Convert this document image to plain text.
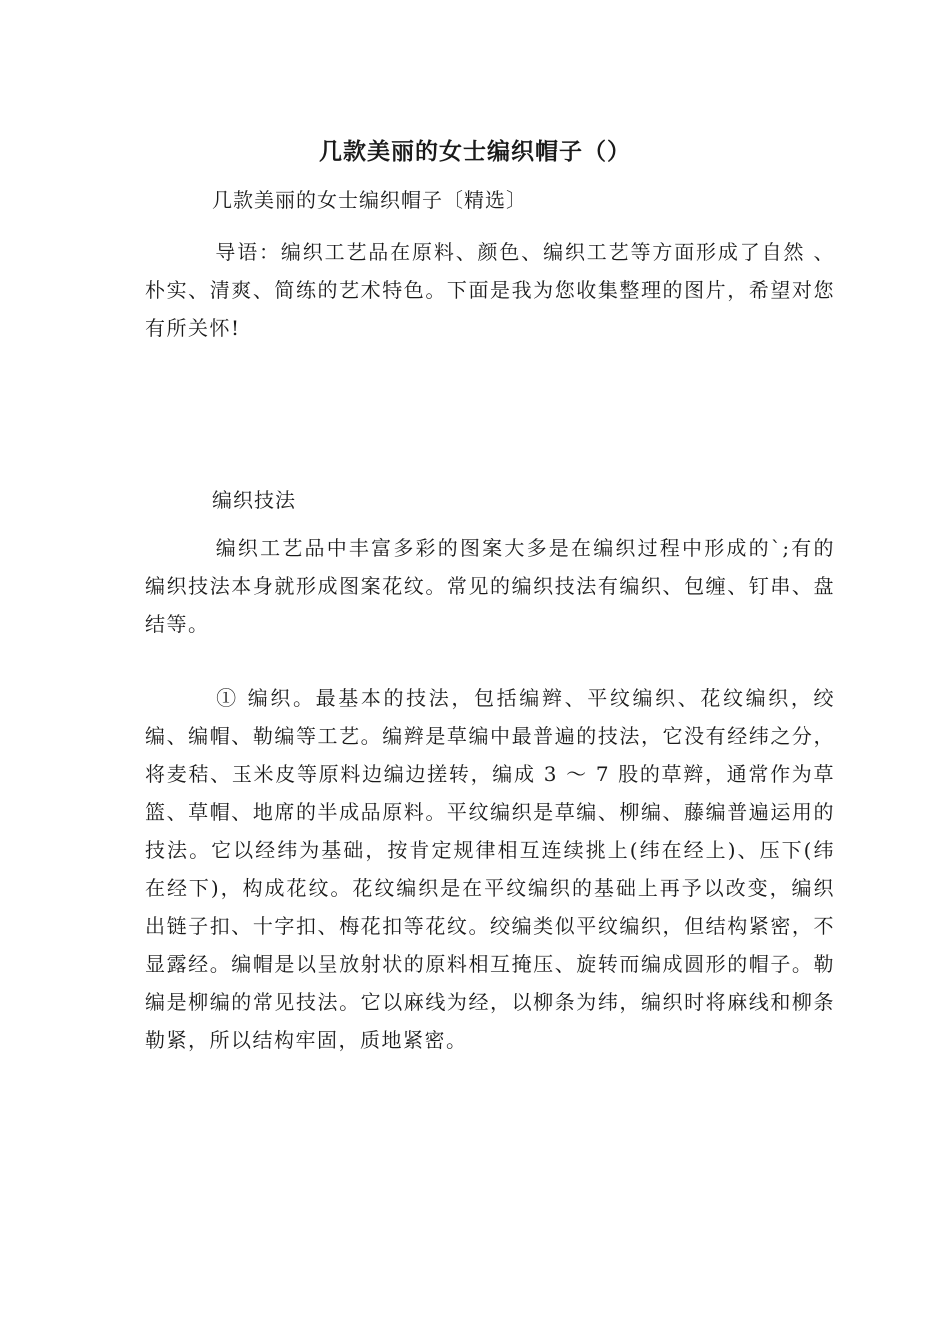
几款美丽的女士编织帽子（）
几款美丽的女士编织帽子〔精选〕
导语：编织工艺品在原料、颜色、编织工艺等方面形成了自然 、朴实、清爽、简练的艺术特色。下面是我为您收集整理的图片，希望对您有所关怀!
编织技法
编织工艺品中丰富多彩的图案大多是在编织过程中形成的`;有的编织技法本身就形成图案花纹。常见的编织技法有编织、包缠、钉串、盘结等。
① 编织。最基本的技法，包括编辫、平纹编织、花纹编织，绞编、编帽、勒编等工艺。编辫是草编中最普遍的技法，它没有经纬之分，将麦秸、玉米皮等原料边编边搓转，编成 3 ～ 7 股的草辫，通常作为草篮、草帽、地席的半成品原料。平纹编织是草编、柳编、藤编普遍运用的技法。它以经纬为基础，按肯定规律相互连续挑上(纬在经上)、压下(纬在经下)，构成花纹。花纹编织是在平纹编织的基础上再予以改变，编织出链子扣、十字扣、梅花扣等花纹。绞编类似平纹编织，但结构紧密，不显露经。编帽是以呈放射状的原料相互掩压、旋转而编成圆形的帽子。勒编是柳编的常见技法。它以麻线为经，以柳条为纬，编织时将麻线和柳条勒紧，所以结构牢固，质地紧密。
